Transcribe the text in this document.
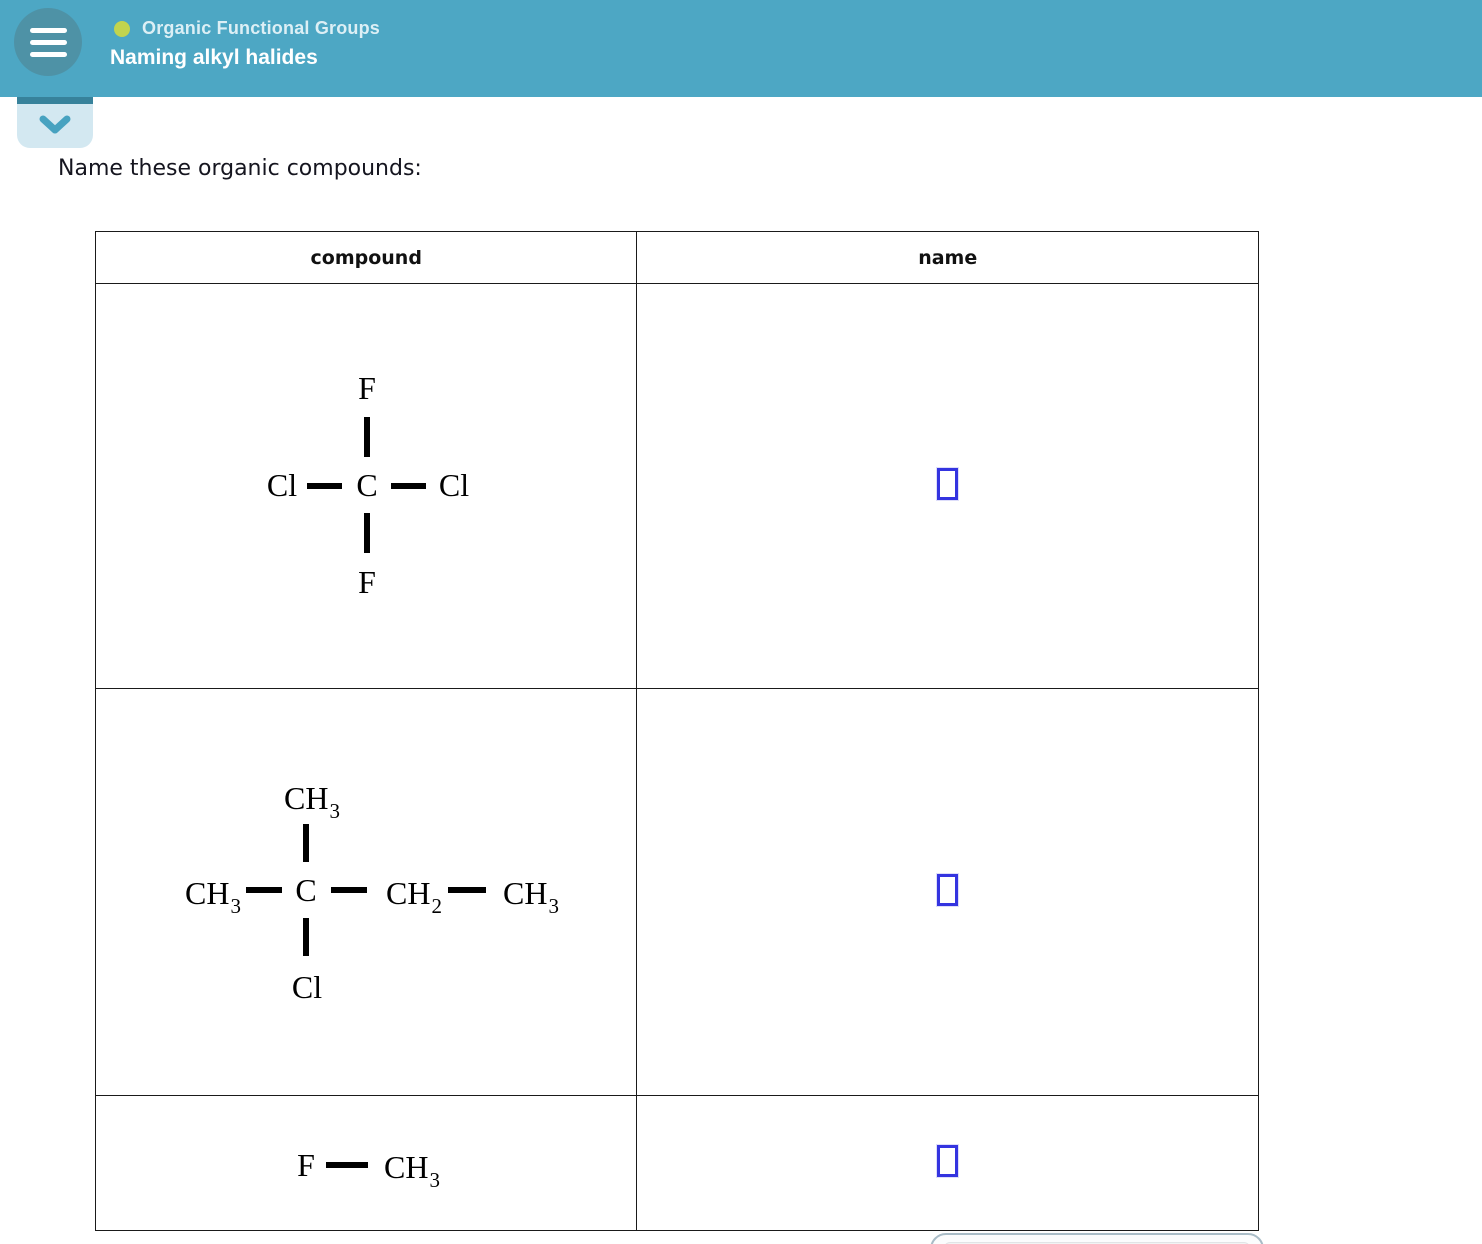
Organic Functional Groups
Naming alkyl halides
Name these organic compounds:
compound	name

F
Cl C Cl
F	

$CH_3$
$CH_3$ C $CH_2$ $CH_3$
Cl

F $CH_3$
